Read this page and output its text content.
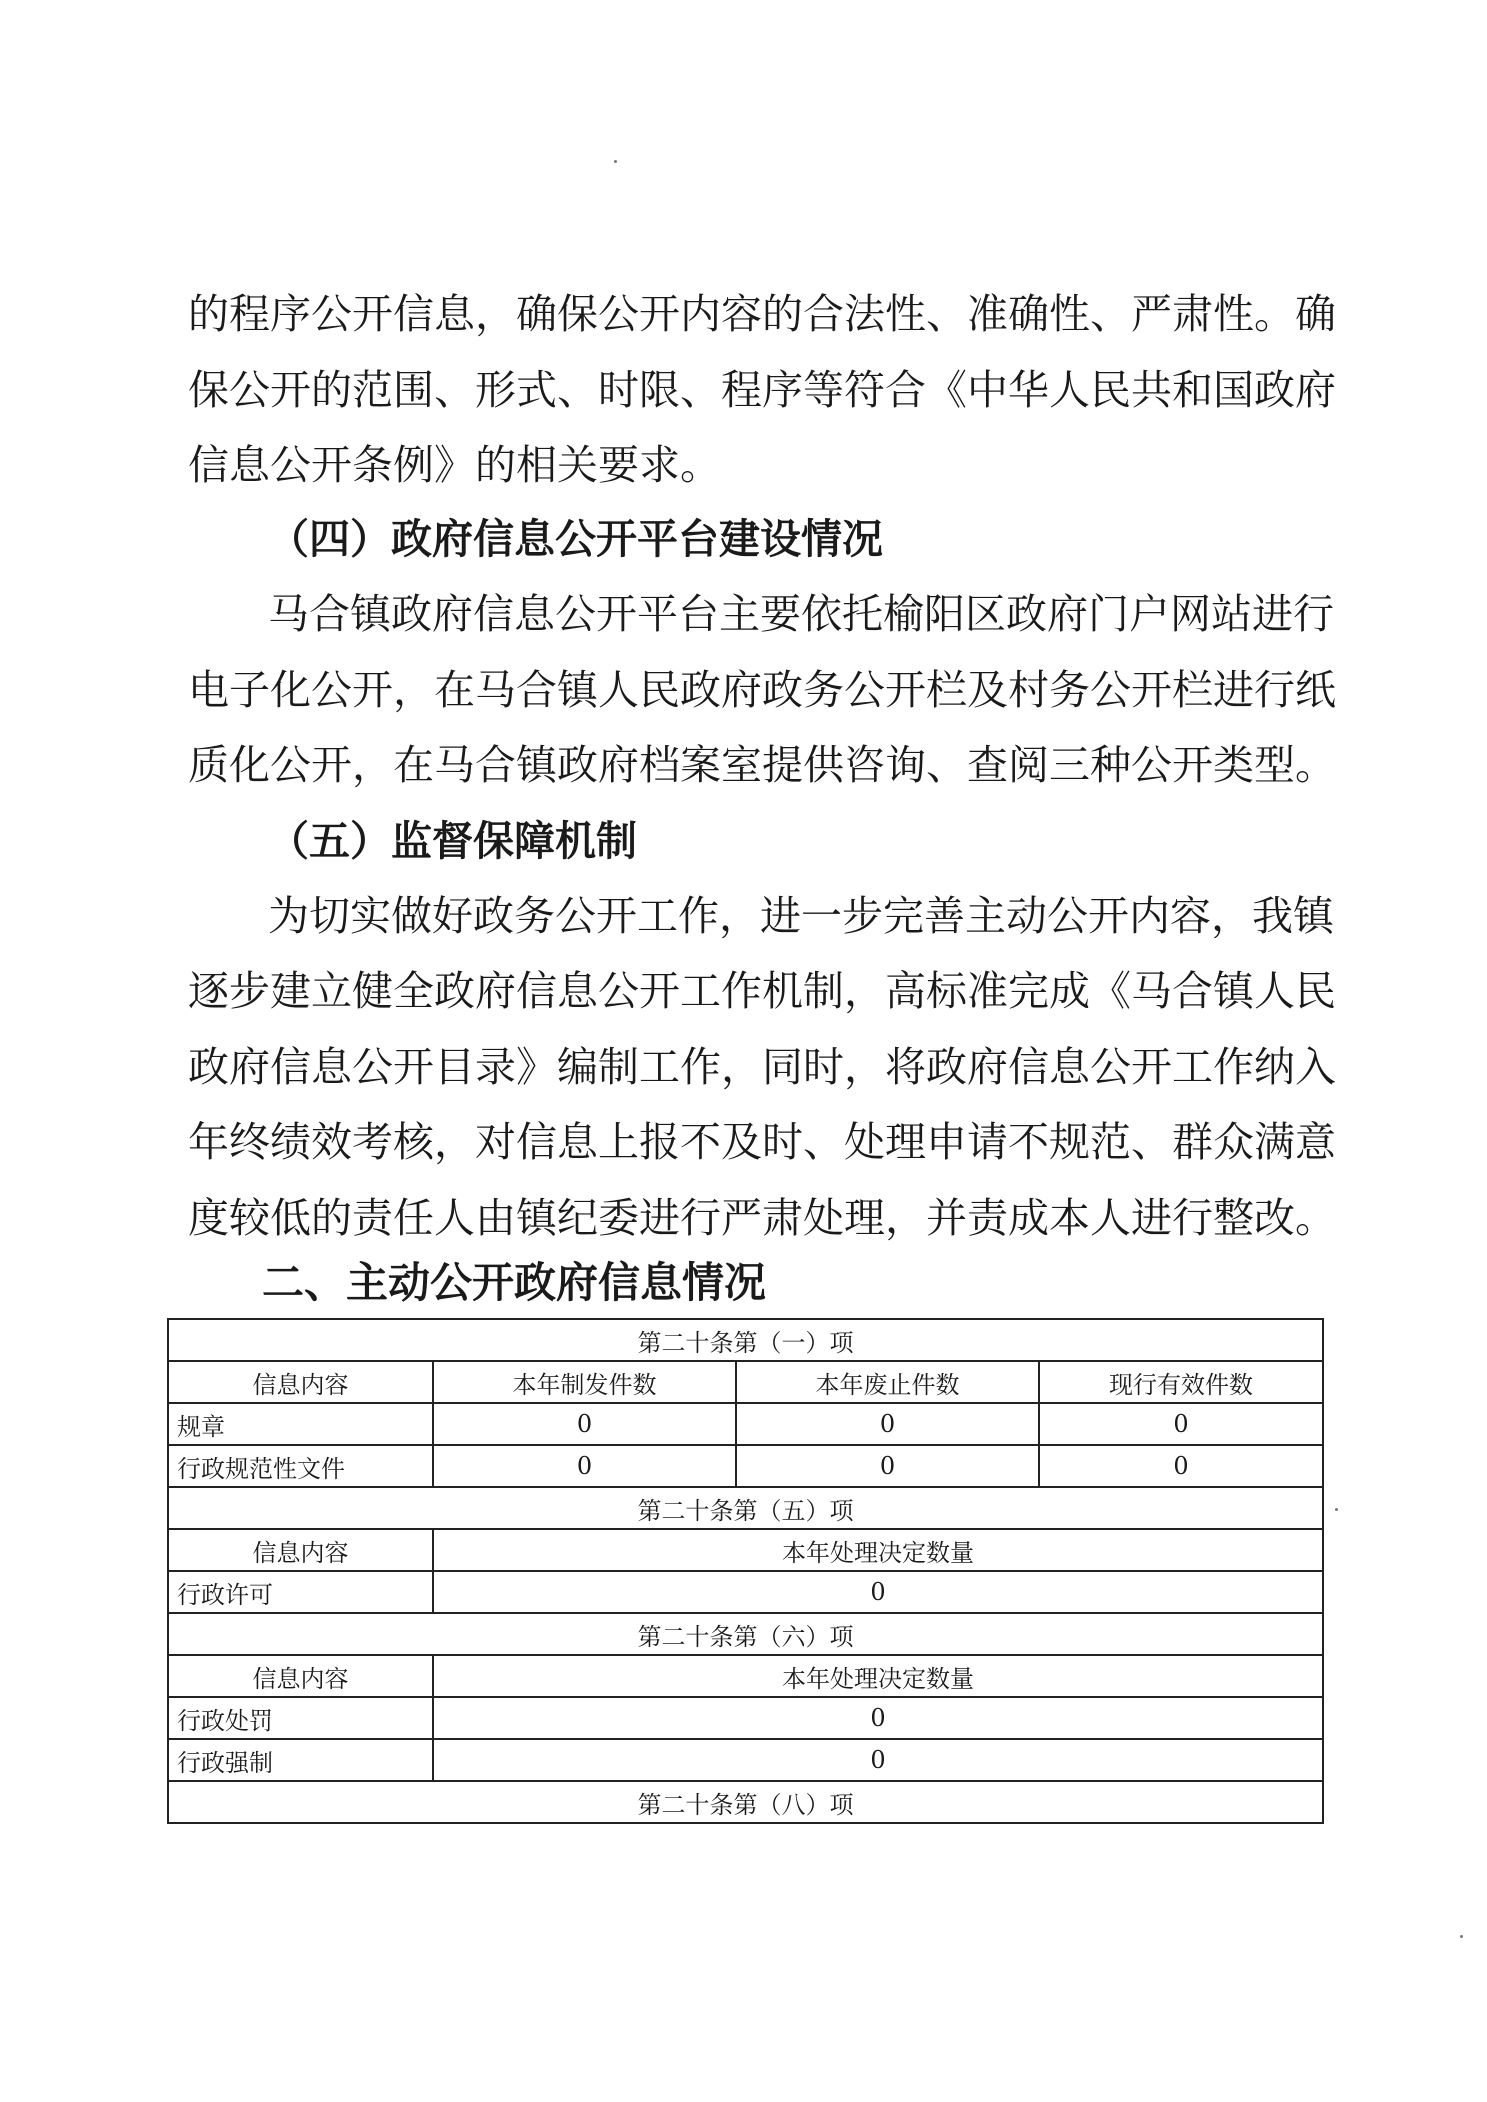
的程序公开信息，确保公开内容的合法性、准确性、严肃性。确
保公开的范围、形式、时限、程序等符合《中华人民共和国政府
信息公开条例》的相关要求。
（四）政府信息公开平台建设情况
马合镇政府信息公开平台主要依托榆阳区政府门户网站进行
电子化公开，在马合镇人民政府政务公开栏及村务公开栏进行纸
质化公开，在马合镇政府档案室提供咨询、查阅三种公开类型。
（五）监督保障机制
为切实做好政务公开工作，进一步完善主动公开内容，我镇
逐步建立健全政府信息公开工作机制，高标准完成《马合镇人民
政府信息公开目录》编制工作，同时，将政府信息公开工作纳入
年终绩效考核，对信息上报不及时、处理申请不规范、群众满意
度较低的责任人由镇纪委进行严肃处理，并责成本人进行整改。
二、主动公开政府信息情况
第二十条第（一）项			
信息内容	本年制发件数	本年废止件数	现行有效件数
规章	0	0	0
行政规范性文件	0	0	0
第二十条第（五）项			
信息内容	本年处理决定数量		
行政许可	0		
第二十条第（六）项			
信息内容	本年处理决定数量		
行政处罚	0		
行政强制	0		
第二十条第（八）项			
